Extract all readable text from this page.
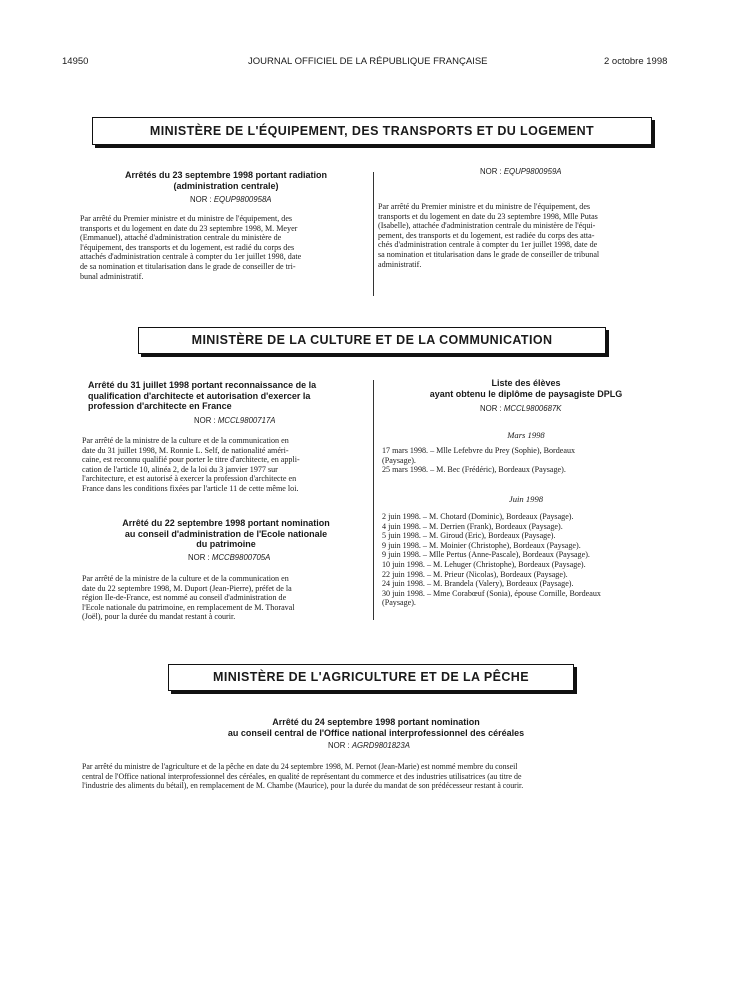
14950	JOURNAL OFFICIEL DE LA RÉPUBLIQUE FRANÇAISE	2 octobre 1998
MINISTÈRE DE L'ÉQUIPEMENT, DES TRANSPORTS ET DU LOGEMENT
Arrêtés du 23 septembre 1998 portant radiation
(administration centrale)
NOR : EQUP9800958A
Par arrêté du Premier ministre et du ministre de l'équipement, des
transports et du logement en date du 23 septembre 1998, M. Meyer
(Emmanuel), attaché d'administration centrale du ministère de
l'équipement, des transports et du logement, est radié du corps des
attachés d'administration centrale à compter du 1er juillet 1998, date
de sa nomination et titularisation dans le grade de conseiller de tri-
bunal administratif.
NOR : EQUP9800959A
Par arrêté du Premier ministre et du ministre de l'équipement, des
transports et du logement en date du 23 septembre 1998, Mlle Putas
(Isabelle), attachée d'administration centrale du ministère de l'équi-
pement, des transports et du logement, est radiée du corps des atta-
chés d'administration centrale à compter du 1er juillet 1998, date de
sa nomination et titularisation dans le grade de conseiller de tribunal
administratif.
MINISTÈRE DE LA CULTURE ET DE LA COMMUNICATION
Arrêté du 31 juillet 1998 portant reconnaissance de la
qualification d'architecte et autorisation d'exercer la
profession d'architecte en France
NOR : MCCL9800717A
Par arrêté de la ministre de la culture et de la communication en
date du 31 juillet 1998, M. Ronnie L. Self, de nationalité améri-
caine, est reconnu qualifié pour porter le titre d'architecte, en appli-
cation de l'article 10, alinéa 2, de la loi du 3 janvier 1977 sur
l'architecture, et est autorisé à exercer la profession d'architecte en
France dans les conditions fixées par l'article 11 de cette même loi.
Arrêté du 22 septembre 1998 portant nomination
au conseil d'administration de l'Ecole nationale
du patrimoine
NOR : MCCB9800705A
Par arrêté de la ministre de la culture et de la communication en
date du 22 septembre 1998, M. Duport (Jean-Pierre), préfet de la
région Ile-de-France, est nommé au conseil d'administration de
l'Ecole nationale du patrimoine, en remplacement de M. Thoraval
(Joël), pour la durée du mandat restant à courir.
Liste des élèves
ayant obtenu le diplôme de paysagiste DPLG
NOR : MCCL9800687K
Mars 1998
17 mars 1998. – Mlle Lefebvre du Prey (Sophie), Bordeaux
(Paysage).
25 mars 1998. – M. Bec (Frédéric), Bordeaux (Paysage).
Juin 1998
2 juin 1998. – M. Chotard (Dominic), Bordeaux (Paysage).
4 juin 1998. – M. Derrien (Frank), Bordeaux (Paysage).
5 juin 1998. – M. Giroud (Eric), Bordeaux (Paysage).
9 juin 1998. – M. Moinier (Christophe), Bordeaux (Paysage).
9 juin 1998. – Mlle Pertus (Anne-Pascale), Bordeaux (Paysage).
10 juin 1998. – M. Lehuger (Christophe), Bordeaux (Paysage).
22 juin 1998. – M. Prieur (Nicolas), Bordeaux (Paysage).
24 juin 1998. – M. Brandela (Valery), Bordeaux (Paysage).
30 juin 1998. – Mme Corabœuf (Sonia), épouse Cornille, Bordeaux
(Paysage).
MINISTÈRE DE L'AGRICULTURE ET DE LA PÊCHE
Arrêté du 24 septembre 1998 portant nomination
au conseil central de l'Office national interprofessionnel des céréales
NOR : AGRD9801823A
Par arrêté du ministre de l'agriculture et de la pêche en date du 24 septembre 1998, M. Pernot (Jean-Marie) est nommé membre du conseil
central de l'Office national interprofessionnel des céréales, en qualité de représentant du commerce et des industries utilisatrices (au titre de
l'industrie des aliments du bétail), en remplacement de M. Chambe (Maurice), pour la durée du mandat de son prédécesseur restant à courir.
